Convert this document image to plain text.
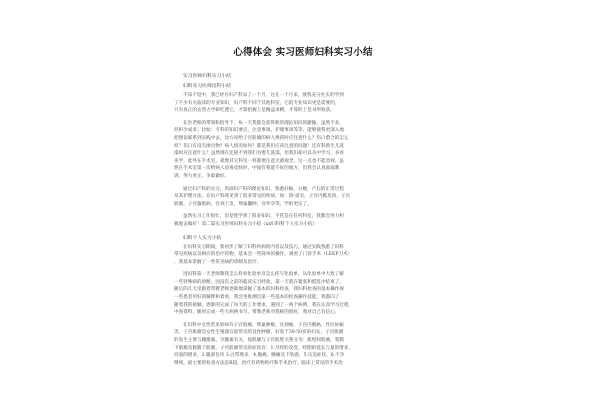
心得体会 实习医师妇科实习小结
实习医师妇科实习小结
妇科实习医师出科小结
不知不觉中，我已经在妇产科呆了一个月，这在一个月来，使我充分扎实的学到
了不少有关临床的专业知识，妇产科不同于其他科室，它的专业知识更是需要的，
只有真正的去努力学研吃透它，才算把握上是精益求精，才算的上是书所收获。
在医老师的带领和指导下，每一天我都会获得新的理论知识的灌输，虽然不多，
但积少成多；比如：专科的知识要点，注意事项，护理事项等等，能够使我更深入地
把理论联系到实践中去，比方说给子宫肌瘤的病人换药时应注意什么？伤口愈合的怎么
样？伤口有没有渗出物？病人情况如何？都是我们应该注意的问题！还有科新生儿洗
澡时应注意什么？虽然现在还轮不到我们为婴儿洗澡，但我们却可以从中学习，多看
多学，此外在手术室，就像其它科室一样都要注意无菌观念，这一点也不能忽视。虽
然在手术室第一次给病人消毒皮肤时，中间有我能不好的地方，但我会认真面取教
训，努力更正，争取做好。
通过妇产科的实习，巩固妇产科的理论知识，熟悉妊娠，分娩，产后的正常过程
及其护理方法，在妇产科我见到了很多常见的疾病，如：阴-道炎，子宫内膜息肉，子宫
肌瘤，子宫腺肌病，宫颈上皮，卵巢囊肿，宫外孕等，学的更实了。
虽然实习工作很忙，但是我学到了很多知识，不管是在任何科室，我都会努力积
极地去做好！第二篇实习医师妇科实习小结《xx妇科科个人实习小结》
妇科个人实习小结
在妇科实习期间，我初步了解了妇科疾病的内容以及技巧，通过实践熟悉了妇科
常见疾病以及相应的治疗药物，基本会一些简单的操作，观看了门诊手术（LEEP刀术）
，我基本掌握了一些常见病的诊断及治疗。
进妇科第一天老师教我怎么样看化验单及怎么样写化验单，从化验单中大致了解
一些特殊病的诊断。因没有之前的临床实习经验，第一天就在紧张和慌乱中结束了，
随后的几天里跟着带教老师逐渐地掌握了基本的妇科检查，我妇科检查的基本操作规
一些患者用好的解释和着看，我会坐推测出第一些基本的检查操作技能，我都向了
随着我的接触，逐渐的完成了每天的工作要求，遇到了一两个病例，我在认真学习过程
中查资料，随时完成一些大病例书写，带教老师对我称的很好，我对自己有信心。
在妇科中女性常见的病有子宫肌瘤，卵巢肿瘤，宫颈癌，子宫内膜癌，异位妊娠
等，子宫肌瘤是女性生殖器官最常见的良性肿瘤，好发于30-50岁的妇女，子宫肌瘤
的发生主要与雌激素、孕激素有关，按肌瘤与子宫肌壁关系分为：肌壁间肌瘤，浆膜
下肌瘤及黏膜下肌瘤，子宫肌瘤常见的症状有：1.月经的改变，经期的延长与量的增多，
持量的增多，2.腹部包块 3.白带增多，4.腹痛，腰痛及下坠感，5.压迫症状，6.不孕
继续，最主要的检查方法是B超，治疗有药物的疗和手术治疗。临床上常见的手术治
